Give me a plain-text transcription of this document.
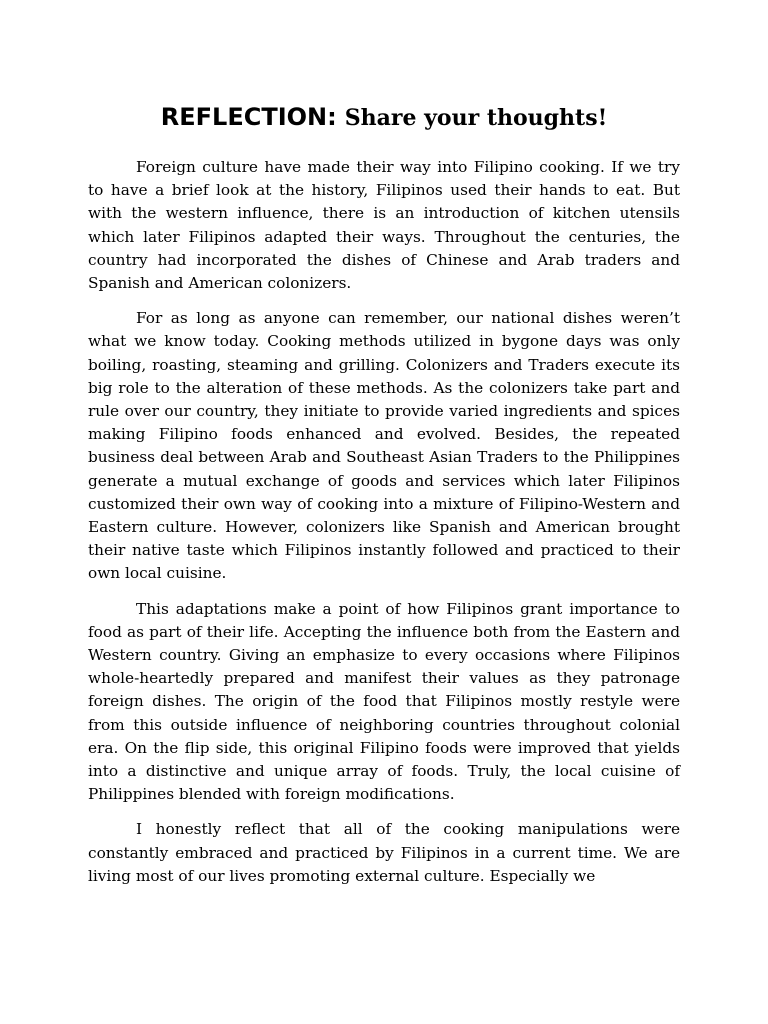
REFLECTION: Share your thoughts!

Foreign culture have made their way into Filipino cooking. If we try to have a brief look at the history, Filipinos used their hands to eat. But with the western influence, there is an introduction of kitchen utensils which later Filipinos adapted their ways. Throughout the centuries, the country had incorporated the dishes of Chinese and Arab traders and Spanish and American colonizers.

For as long as anyone can remember, our national dishes weren’t what we know today. Cooking methods utilized in bygone days was only boiling, roasting, steaming and grilling. Colonizers and Traders execute its big role to the alteration of these methods. As the colonizers take part and rule over our country, they initiate to provide varied ingredients and spices making Filipino foods enhanced and evolved. Besides, the repeated business deal between Arab and Southeast Asian Traders to the Philippines generate a mutual exchange of goods and services which later Filipinos customized their own way of cooking into a mixture of Filipino-Western and Eastern culture. However, colonizers like Spanish and American brought their native taste which Filipinos instantly followed and practiced to their own local cuisine.

This adaptations make a point of how Filipinos grant importance to food as part of their life. Accepting the influence both from the Eastern and Western country. Giving an emphasize to every occasions where Filipinos whole-heartedly prepared and manifest their values as they patronage foreign dishes. The origin of the food that Filipinos mostly restyle were from this outside influence of neighboring countries throughout colonial era. On the flip side, this original Filipino foods were improved that yields into a distinctive and unique array of foods. Truly, the local cuisine of Philippines blended with foreign modifications.

I honestly reflect that all of the cooking manipulations were constantly embraced and practiced by Filipinos in a current time. We are living most of our lives promoting external culture. Especially we
